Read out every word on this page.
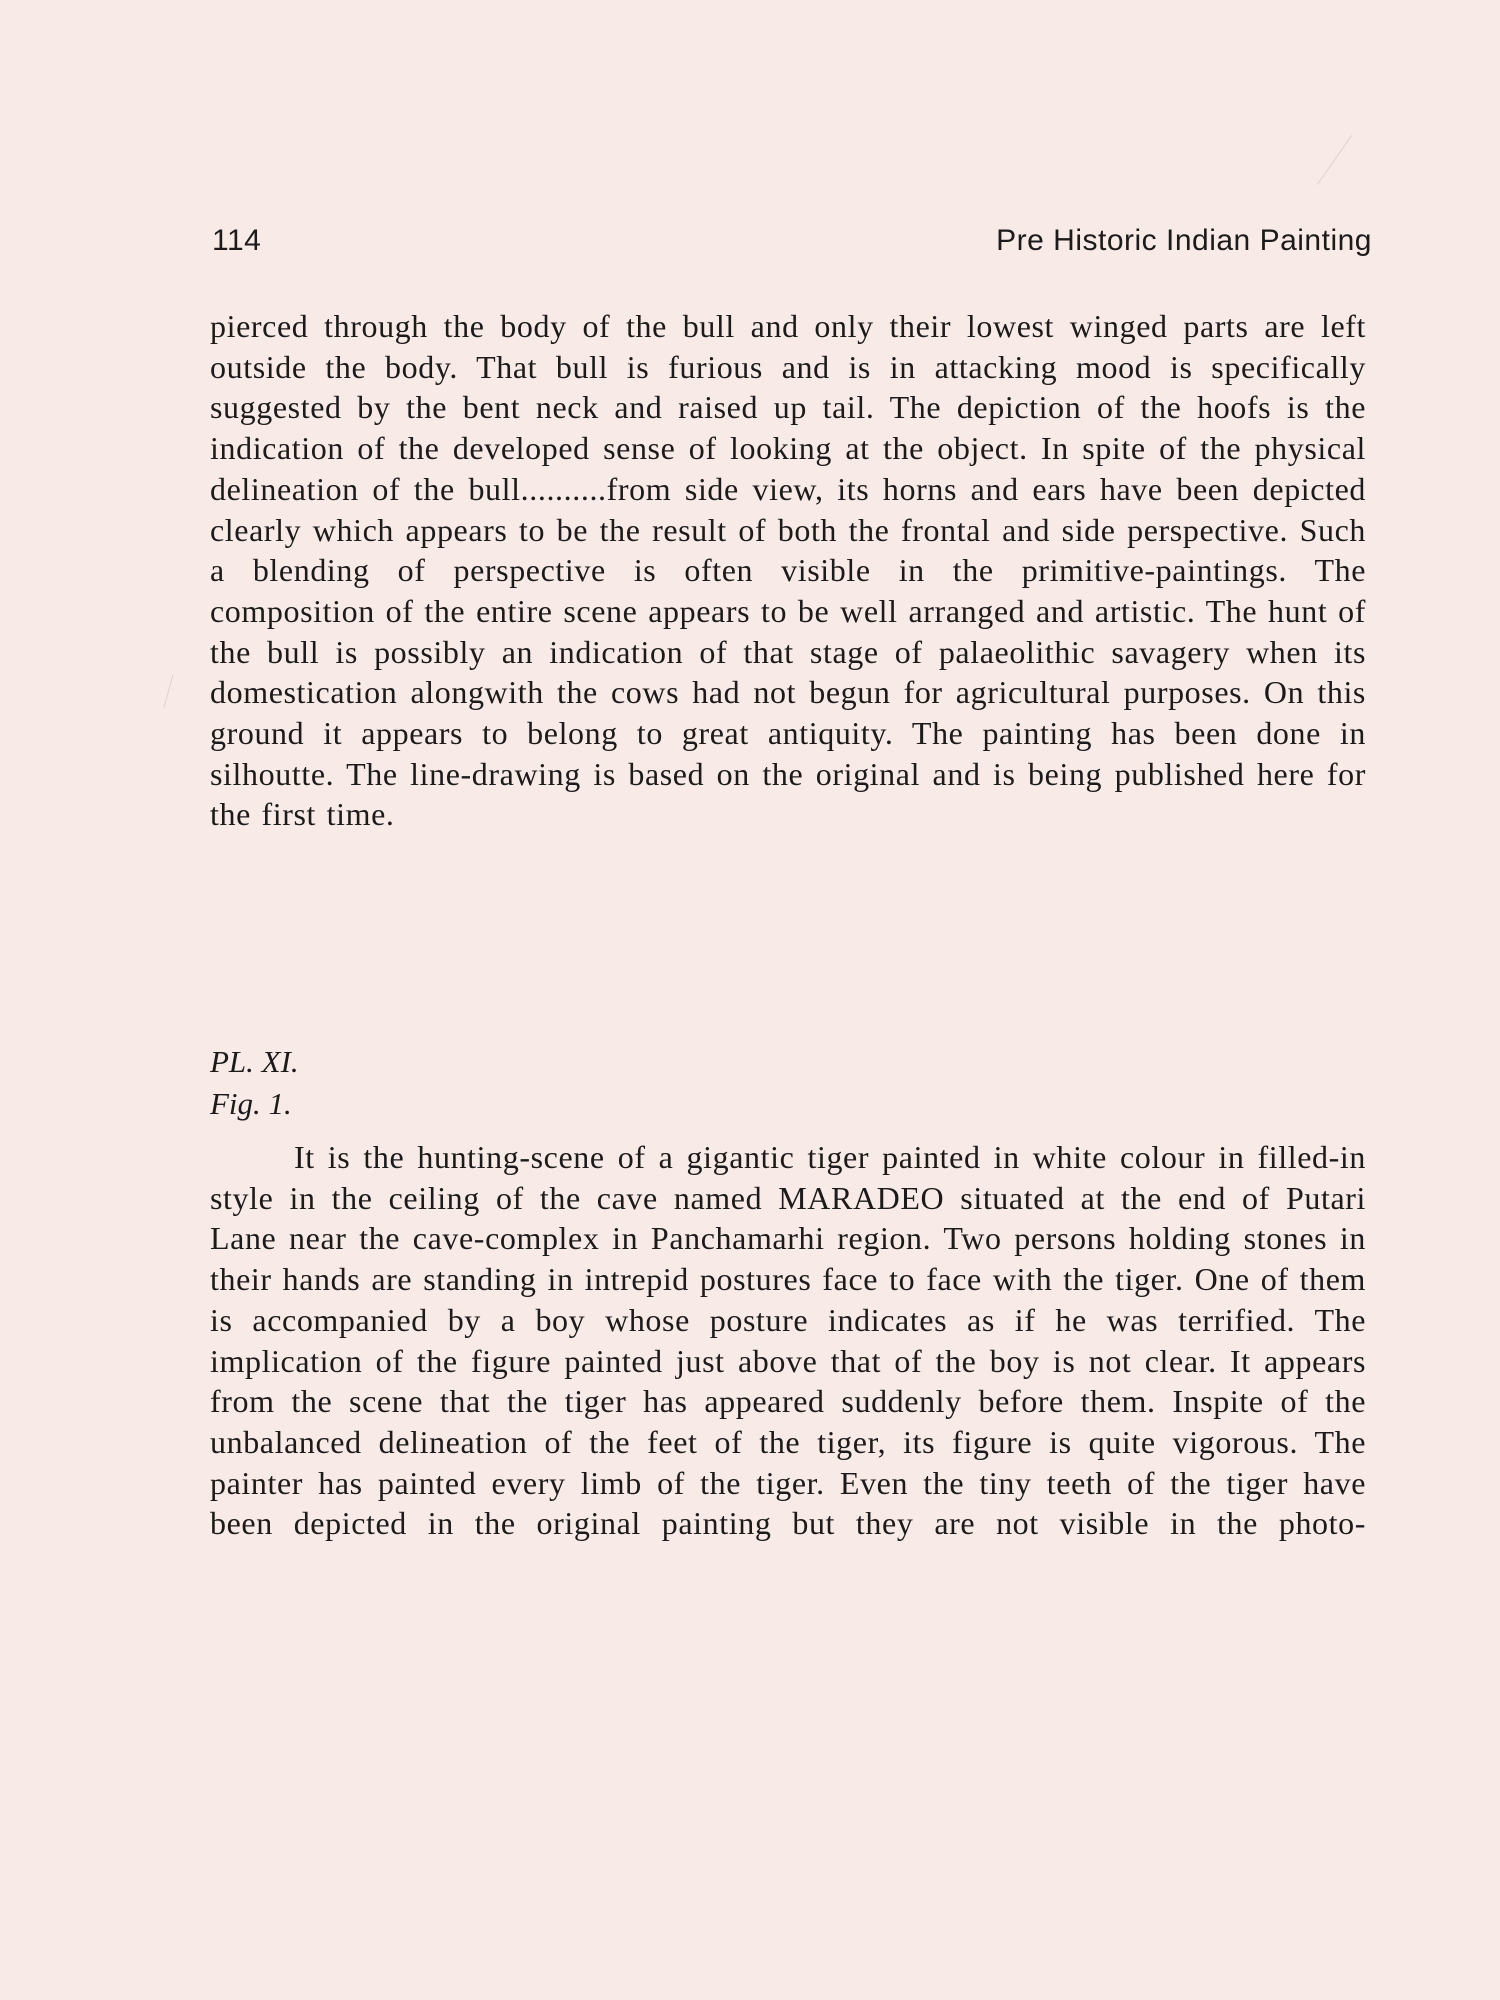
114	Pre Historic Indian Painting
pierced through the body of the bull and only their lowest winged parts are left outside the body. That bull is furious and is in attacking mood is specifically suggested by the bent neck and raised up tail. The depiction of the hoofs is the indication of the developed sense of looking at the object. In spite of the physical delineation of the bull..........from side view, its horns and ears have been depicted clearly which appears to be the result of both the frontal and side perspective. Such a blending of perspective is often visible in the primitive-paintings. The composition of the entire scene appears to be well arranged and artistic. The hunt of the bull is possibly an indication of that stage of palaeolithic savagery when its domestication alongwith the cows had not begun for agricultural purposes. On this ground it appears to belong to great antiquity. The painting has been done in silhoutte. The line-drawing is based on the original and is being published here for the first time.
PL. XI.
Fig. 1.
It is the hunting-scene of a gigantic tiger painted in white colour in filled-in style in the ceiling of the cave named MARADEO situated at the end of Putari Lane near the cave-complex in Panchamarhi region. Two persons holding stones in their hands are standing in intrepid postures face to face with the tiger. One of them is accompanied by a boy whose posture indicates as if he was terrified. The implication of the figure painted just above that of the boy is not clear. It appears from the scene that the tiger has appeared suddenly before them. Inspite of the unbalanced delineation of the feet of the tiger, its figure is quite vigorous. The painter has painted every limb of the tiger. Even the tiny teeth of the tiger have been depicted in the original painting but they are not visible in the photo-
